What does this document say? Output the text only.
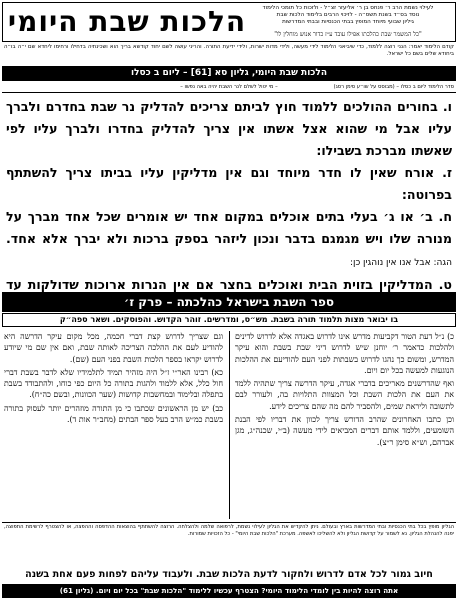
לעילוי נשמת הרב ר׳ פנחס בן ר׳ אליעזר זצ״ל - ולזכות כל תומכי הלימוד
נוסד בס״ד בשנת תשס״ה - לזיכוי הרבים בלימוד הלכות שבת
גיליון שבועי מיוחד המופץ בבתי הכנסיות ובבתי המדרשות
"כל המשמר שבת כהלכתו אפילו עובד ע״ז כדור אנוש מוחלין לו"
הלכות שבת היומי
קודם הלימוד יאמר: הנני רוצה ללמוד, כדי שיביאני הלימוד לידי מעשה, ולידי מדות ישרות, ולידי ידיעת התורה. והריני עושה לשם יחוד קודשא בריך הוא ושכינתיה בדחילו ורחימו ליחדא שם י״ה בו״ה ביחודא שלים בשם כל ישראל.
הלכות שבת היומי, גליון סא [61] – ליום ב כסלו
סדר הלימוד ליום ב כסלו – (מבוסס על שו״ע סימן רסג)
– מי יטול לשלם לנר השבת יהיה באה נפשו –

ו. בחורים ההולכים ללמוד חוץ לביתם צריכים להדליק נר שבת בחדרם ולברך עליו אבל מי שהוא אצל אשתו אין צריך להדליק בחדרו ולברך עליו לפי שאשתו מברכת בשבילו:

ז. אורח שאין לו חדר מיוחד וגם אין מדליקין עליו בביתו צריך להשתתף בפרוטה:

ח. ב׳ או ג׳ בעלי בתים אוכלים במקום אחד יש אומרים שכל אחד מברך על מנורה שלו ויש מגמגם בדבר ונכון ליזהר בספק ברכות ולא יברך אלא אחד. הגה: אבל אנו אין נוהגין כן:

ט. המדליקין בזוית הבית ואוכלים בחצר אם אין הנרות ארוכות שדולקות עד

ספר השבת בישראל כהלכתה – פרק ז׳
בו יבואר מצות תלמוד תורה בשבת. מש״ס, ומדרשים. זוהר הקדוש. והפוסקים. ושאר ספה״ק

כ) נ״ל דעת הטור דקביעות מדרש אינו לדרוש באגדה אלא לדרוש לדינים ולהלכות כדאמר ר׳ יוחנן שיש לדרוש דיני שבת בשבת והוא עיקר המדרש, ומשום כך נהגו לדרוש בשבתות לפני העם להודיעם את ההלכות הנוגעות למעשה בכל יום ויום.

ואף שהדרשנים מאריכים בדברי אגדה, עיקר הדרשה צריך שתהיה ללמד את העם את הלכות השבת וכל המצוות התלויות בה, ולעורר לבם לתשובה וליראת שמים, ולהסביר להם מה שהם צריכים לידע.

וכן כתבו האחרונים שהרב הדורש צריך לכוון את דבריו לפי הבנת השומעים, וללמד אותם דברים המביאים לידי מעשה (ב״י, שכנה״ג, מגן אברהם, וש״א סימן ר״צ).

וגם שצריך לדרוש קצת דברי חכמה, מכל מקום עיקר הדרשה היא להודיע לעם את ההלכה הצריכה לאותה שבת, ואם אין שם מי שיודע לדרוש יקראו בספר הלכות השבת בפני העם (שם).

כא) רבינו האר״י ז״ל היה מזהיר תמיד לתלמידיו שלא לדבר בשבת דברי חול כלל, אלא ללמוד ולהגות בתורה כל היום כפי כוחו, ולהתבודד בשבת בתפלה ובלימוד ובמחשבות קדושות (שער הכוונות, ובשם כה״ח).

כב) יש מן הראשונים שכתבו כי מן התורה מוזהרים יותר לעסוק בתורה בשבת כמ״ש הרב בעל ספר הבתים (מחב״ר אות ד).

הגליון מופץ בכל בתי הכנסיות ובתי המדרשות בארץ ובעולם. ניתן להקדיש את הגליון לעילוי נשמת, לרפואה שלמה ולהצלחה. הרוצה להשתתף בהוצאות ההדפסה וההפצה, או להצטרף לרשימת התפוצה, יפנה להנהלת הגליון. נא לשמור על קדושת הגליון ולא להשליכו לאשפה. מערכת "הלכות שבת היומי" - כל הזכויות שמורות.
חיוב גמור לכל אדם לדרוש ולחקור לדעת הלכות שבת. ולעבוד עליהם לפחות פעם אחת בשנה
אתה רוצה להיות בין לומדי הלימוד היומי? הצטרף עכשיו ללימוד "הלכות שבת" בכל יום ויום. (גליון 61)
